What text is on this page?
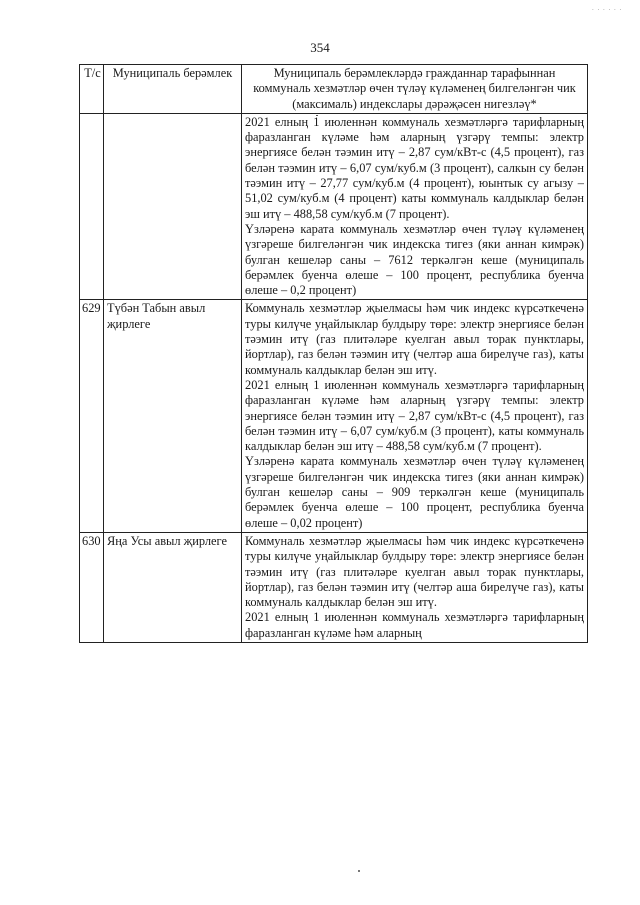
. . . . . .
354
Т/с	Муниципаль берәмлек	Муниципаль берәмлекләрдә гражданнар тарафыннан коммуналь хезмәтләр өчен түләү күләменең билгеләнгән чик (максималь) индекслары дәрәҗәсен нигезләү*

		2021 елның 1 июленнән коммуналь хезмәтләргә тарифларның фаразланган күләме һәм аларның үзгәрү темпы: электр энергиясе белән тәэмин итү – 2,87 сум/кВт-с (4,5 процент), газ белән тәэмин итү – 6,07 сум/куб.м (3 процент), салкын су белән тәэмин итү – 27,77 сум/куб.м (4 процент), юынтык су агызу – 51,02 сум/куб.м (4 процент) каты коммуналь калдыклар белән эш итү – 488,58 сум/куб.м (7 процент).

Үзләренә карата коммуналь хезмәтләр өчен түләү күләменең үзгәреше билгеләнгән чик индекска тигез (яки аннан кимрәк) булган кешеләр саны – 7612 теркәлгән кеше (муниципаль берәмлек буенча өлеше – 100 процент, республика буенча өлеше – 0,2 процент)

629	Түбән Табын авыл җирлеге	Коммуналь хезмәтләр җыелмасы һәм чик индекс күрсәткеченә туры килүче уңайлыклар булдыру төре: электр энергиясе белән тәэмин итү (газ плитәләре куелган авыл торак пунктлары, йортлар), газ белән тәэмин итү (челтәр аша бирелүче газ), каты коммуналь калдыклар белән эш итү.

2021 елның 1 июленнән коммуналь хезмәтләргә тарифларның фаразланган күләме һәм аларның үзгәрү темпы: электр энергиясе белән тәэмин итү – 2,87 сум/кВт-с (4,5 процент), газ белән тәэмин итү – 6,07 сум/куб.м (3 процент), каты коммуналь калдыклар белән эш итү – 488,58 сум/куб.м (7 процент).

Үзләренә карата коммуналь хезмәтләр өчен түләү күләменең үзгәреше билгеләнгән чик индекска тигез (яки аннан кимрәк) булган кешеләр саны – 909 теркәлгән кеше (муниципаль берәмлек буенча өлеше – 100 процент, республика буенча өлеше – 0,02 процент)

630	Яңа Усы авыл җирлеге	Коммуналь хезмәтләр җыелмасы һәм чик индекс күрсәткеченә туры килүче уңайлыклар булдыру төре: электр энергиясе белән тәэмин итү (газ плитәләре куелган авыл торак пунктлары, йортлар), газ белән тәэмин итү (челтәр аша бирелүче газ), каты коммуналь калдыклар белән эш итү.

2021 елның 1 июленнән коммуналь хезмәтләргә тарифларның фаразланган күләме һәм аларның
